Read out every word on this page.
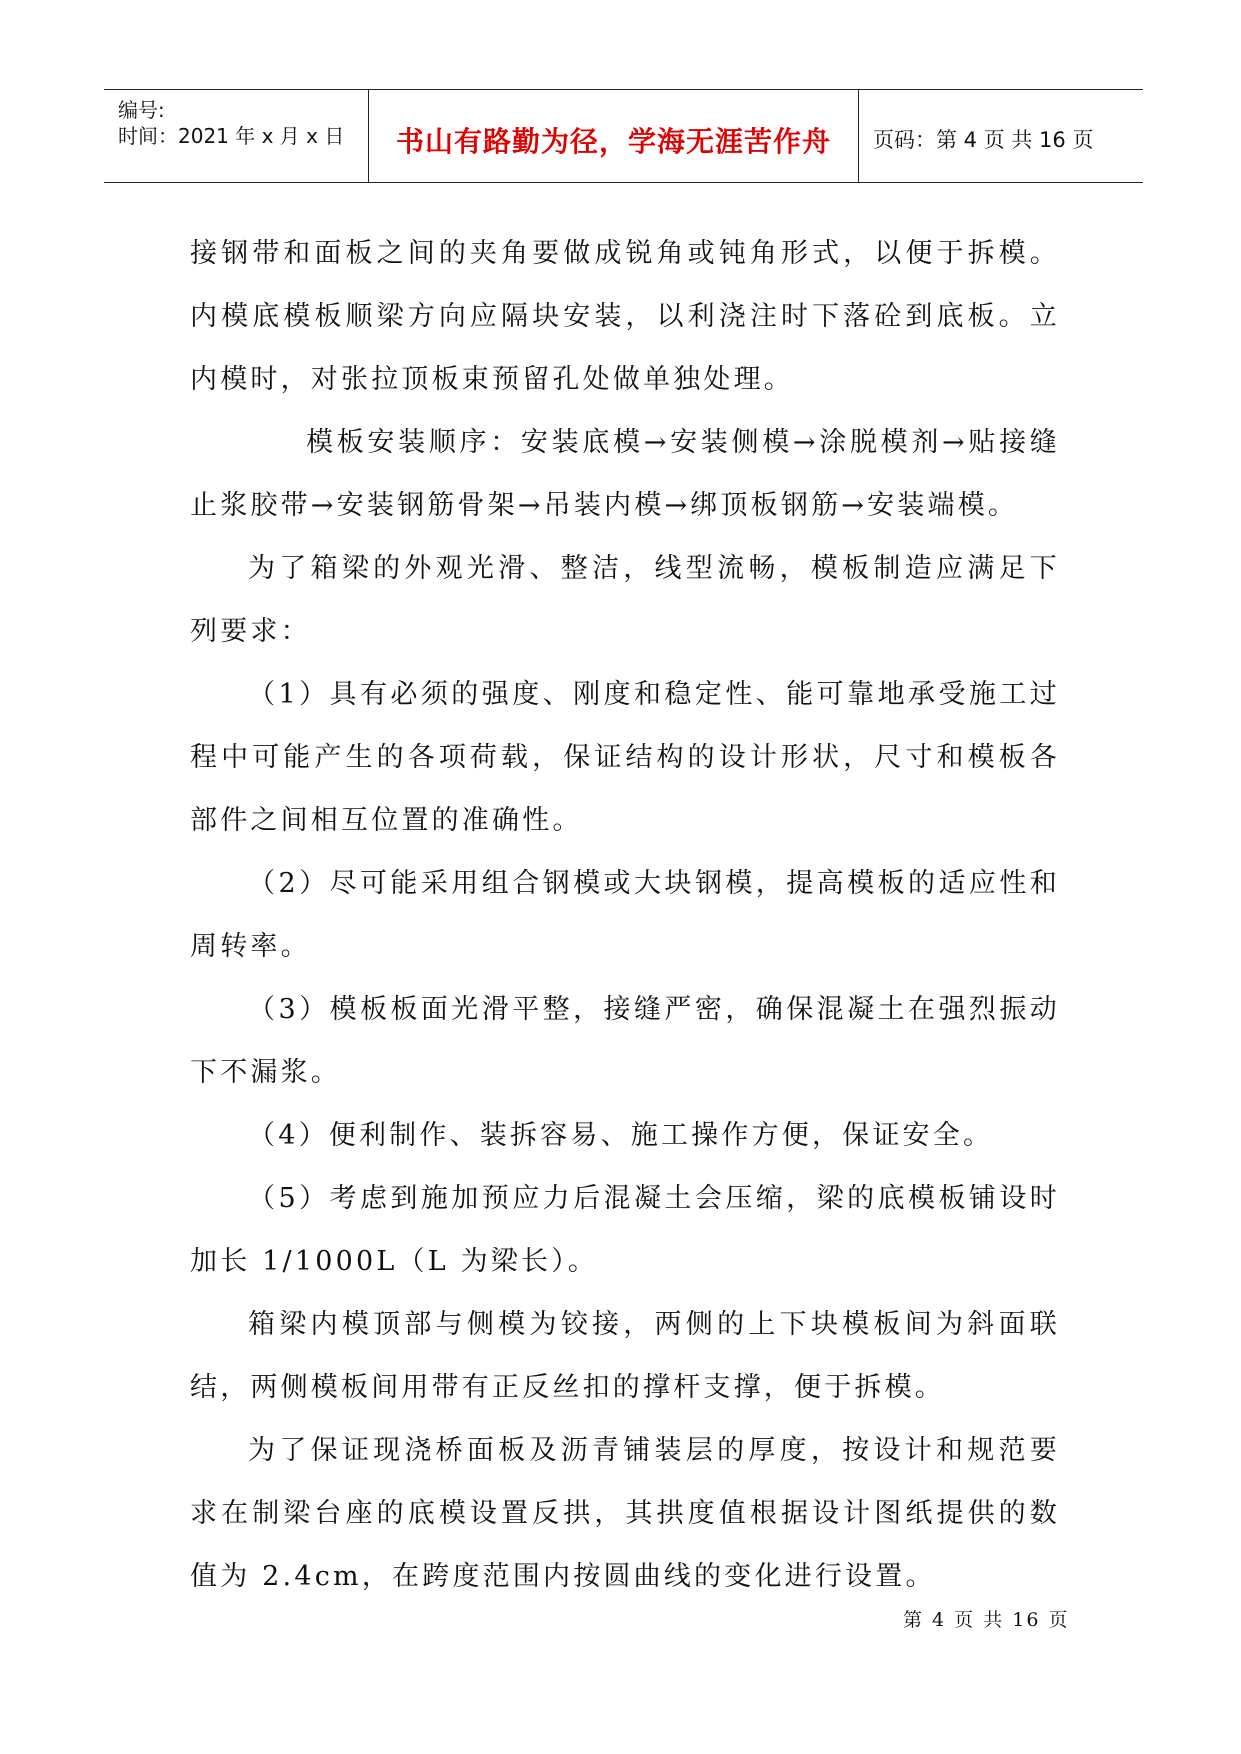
编号:
时间：2021 年 x 月 x 日	书山有路勤为径，学海无涯苦作舟	页码：第 4 页 共 16 页

接钢带和面板之间的夹角要做成锐角或钝角形式，以便于拆模。内模底模板顺梁方向应隔块安装，以利浇注时下落砼到底板。立内模时，对张拉顶板束预留孔处做单独处理。

模板安装顺序：安装底模→安装侧模→涂脱模剂→贴接缝止浆胶带→安装钢筋骨架→吊装内模→绑顶板钢筋→安装端模。

为了箱梁的外观光滑、整洁，线型流畅，模板制造应满足下列要求：

（1）具有必须的强度、刚度和稳定性、能可靠地承受施工过程中可能产生的各项荷载，保证结构的设计形状，尺寸和模板各部件之间相互位置的准确性。

（2）尽可能采用组合钢模或大块钢模，提高模板的适应性和周转率。

（3）模板板面光滑平整，接缝严密，确保混凝土在强烈振动下不漏浆。

（4）便利制作、装拆容易、施工操作方便，保证安全。

（5）考虑到施加预应力后混凝土会压缩，梁的底模板铺设时加长 1/1000L（L 为梁长）。

箱梁内模顶部与侧模为铰接，两侧的上下块模板间为斜面联结，两侧模板间用带有正反丝扣的撑杆支撑，便于拆模。

为了保证现浇桥面板及沥青铺装层的厚度，按设计和规范要求在制梁台座的底模设置反拱，其拱度值根据设计图纸提供的数值为 2.4cm，在跨度范围内按圆曲线的变化进行设置。

第 4 页 共 16 页
